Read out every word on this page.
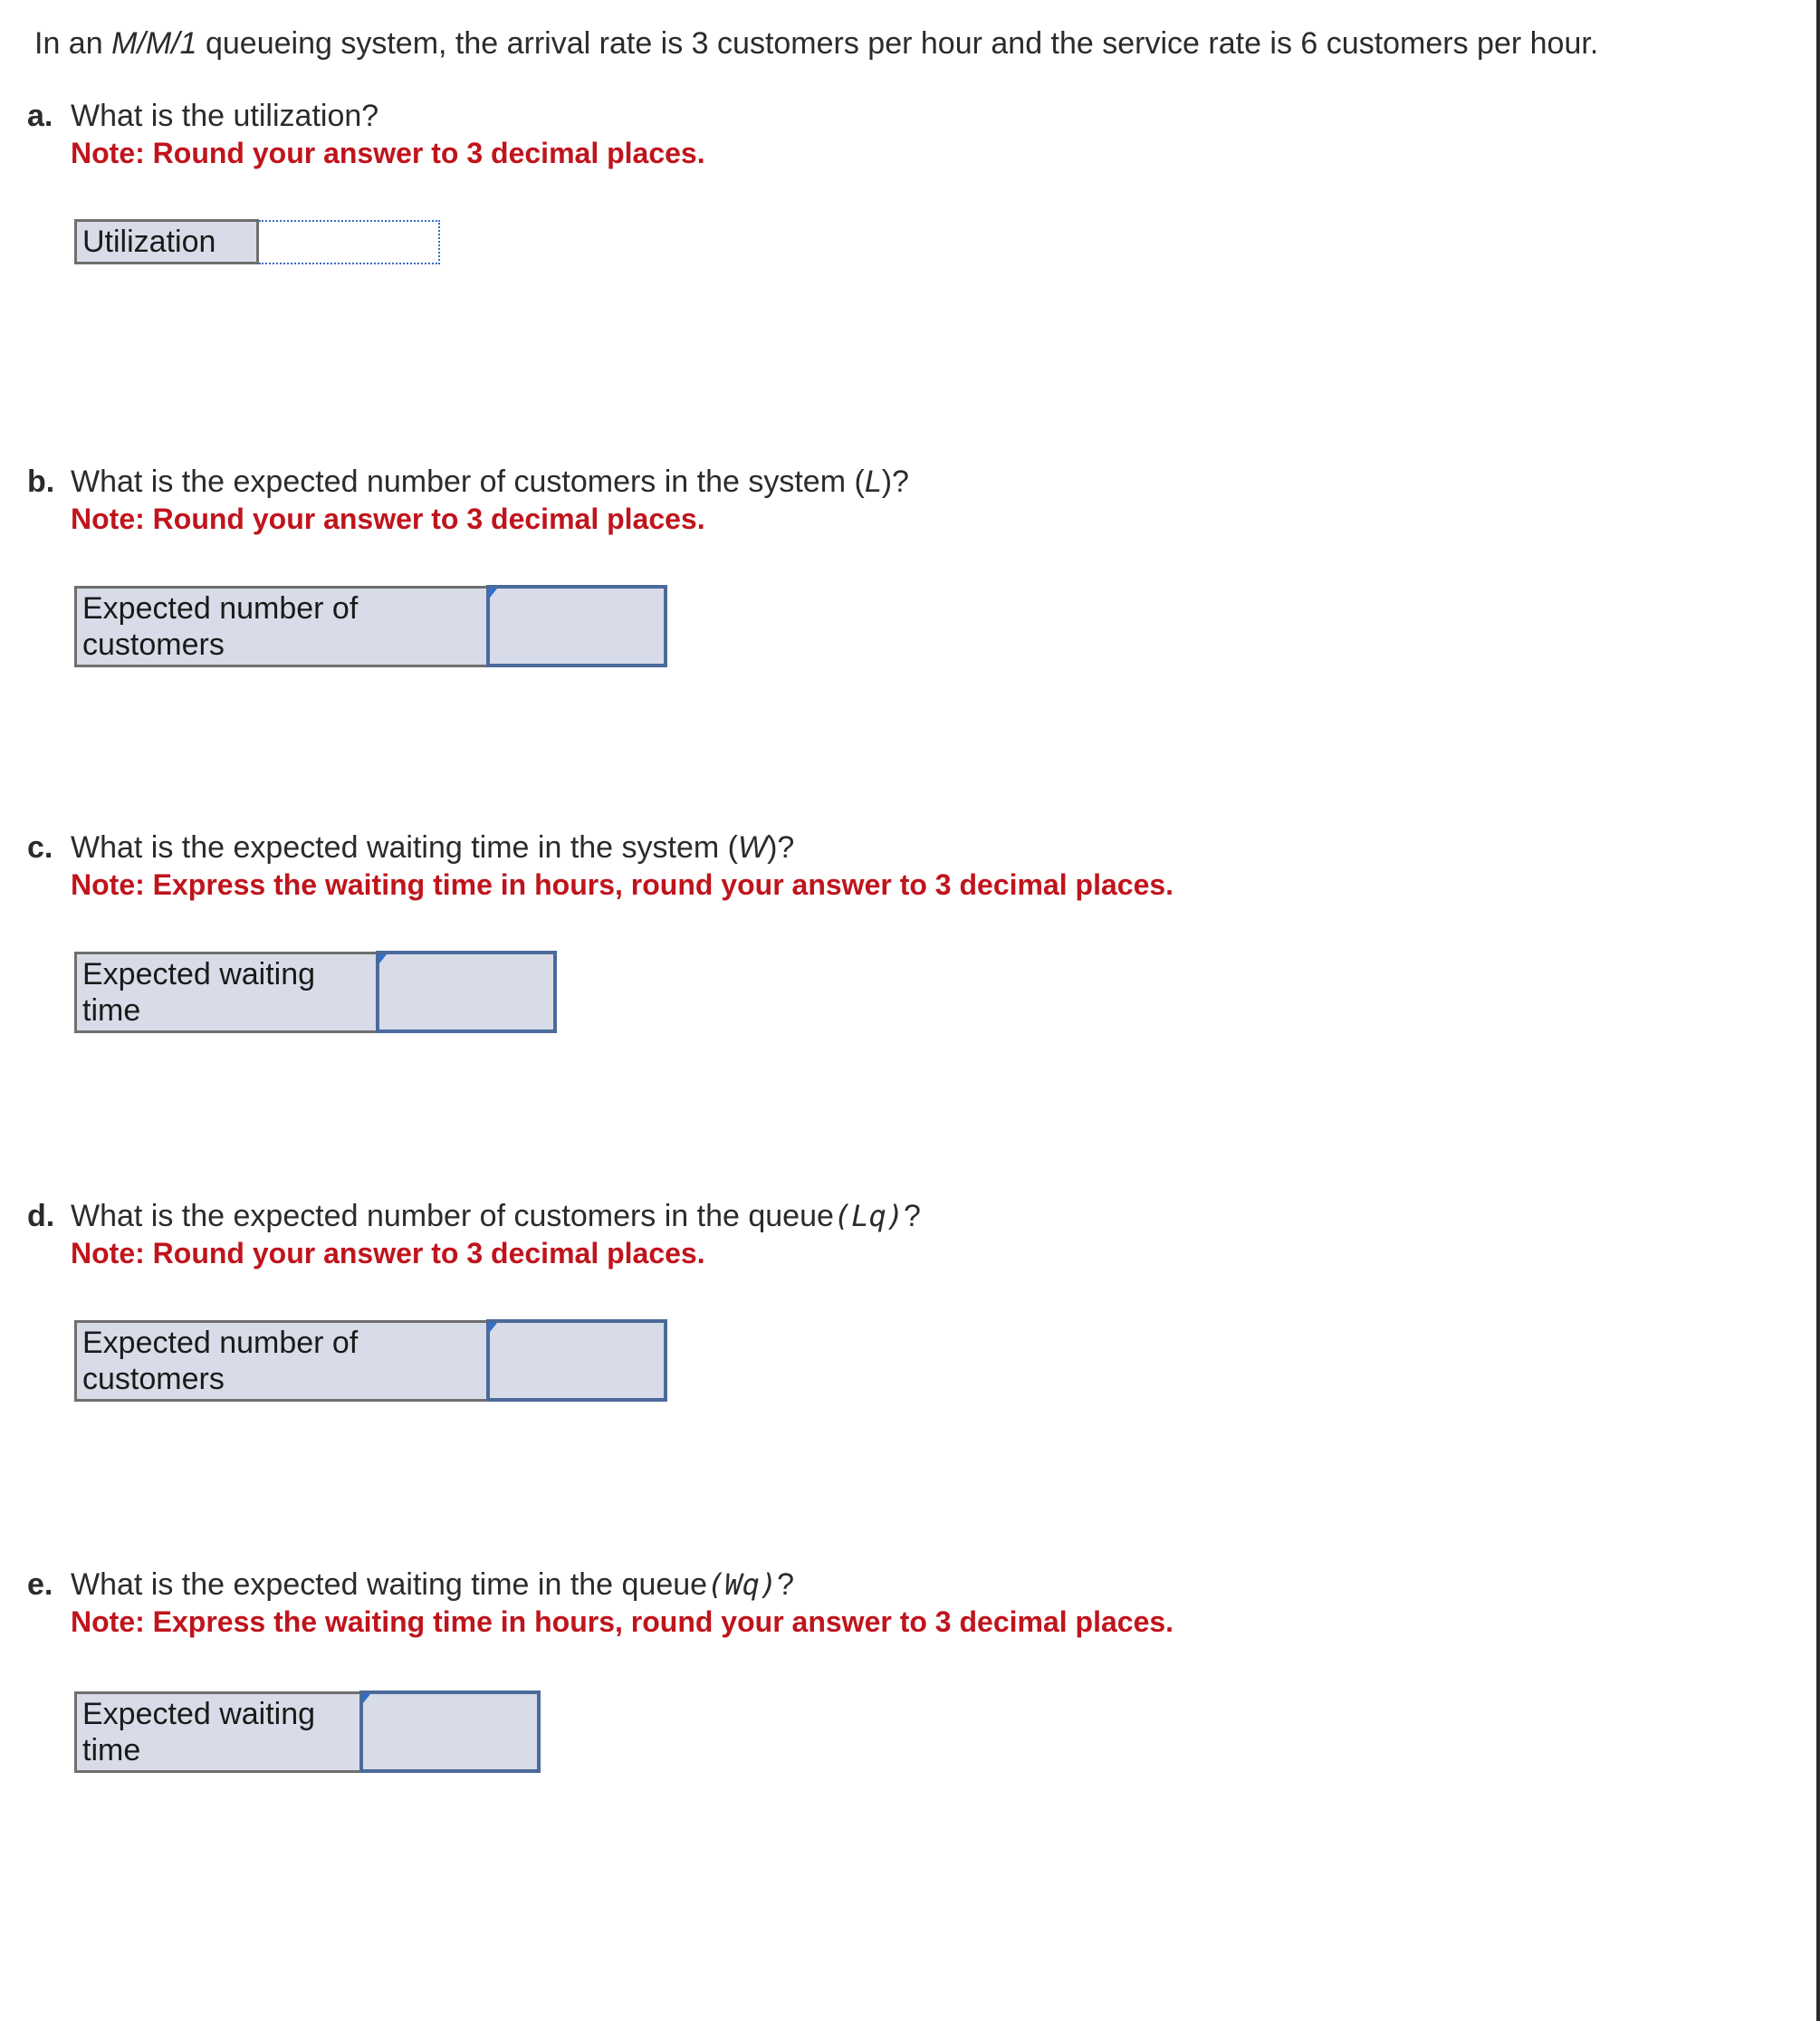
In an M/M/1 queueing system, the arrival rate is 3 customers per hour and the service rate is 6 customers per hour.
a. What is the utilization?
Note: Round your answer to 3 decimal places.
Utilization	
b. What is the expected number of customers in the system (L)?
Note: Round your answer to 3 decimal places.
Expected number of
customers	
c. What is the expected waiting time in the system (W)?
Note: Express the waiting time in hours, round your answer to 3 decimal places.
Expected waiting
time	
d. What is the expected number of customers in the queue(Lq)?
Note: Round your answer to 3 decimal places.
Expected number of
customers	
e. What is the expected waiting time in the queue(Wq)?
Note: Express the waiting time in hours, round your answer to 3 decimal places.
Expected waiting
time	
